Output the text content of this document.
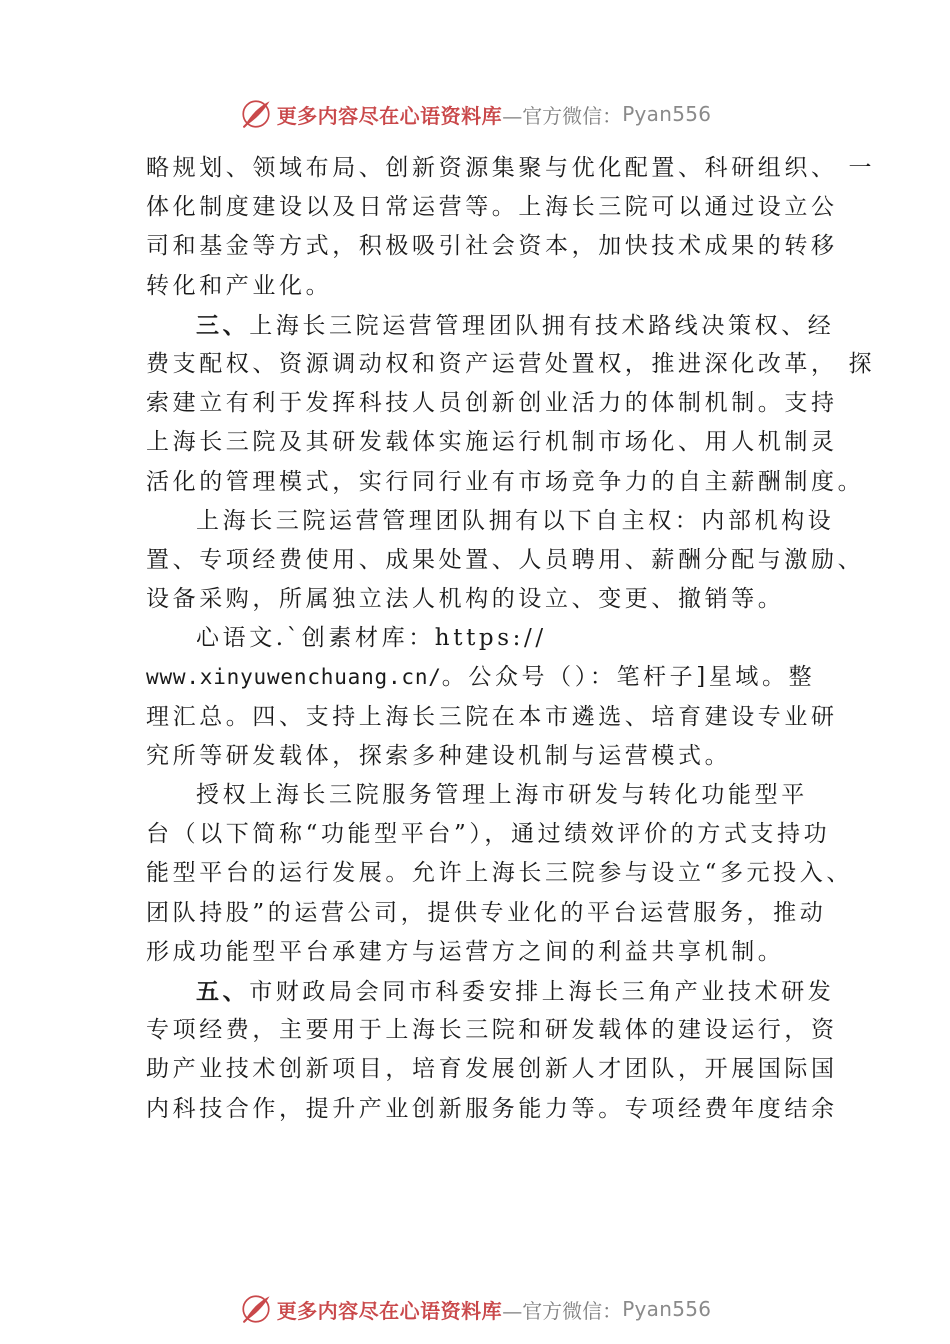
更多内容尽在心语资料库 —官方微信： Pyan556
略规划、领域布局、创新资源集聚与优化配置、科研组织、 一
体化制度建设以及日常运营等。上海长三院可以通过设立公
司和基金等方式，积极吸引社会资本，加快技术成果的转移
转化和产业化。
三、上海长三院运营管理团队拥有技术路线决策权、经
费支配权、资源调动权和资产运营处置权，推进深化改革， 探
索建立有利于发挥科技人员创新创业活力的体制机制。支持
上海长三院及其研发载体实施运行机制市场化、用人机制灵
活化的管理模式，实行同行业有市场竞争力的自主薪酬制度。
上海长三院运营管理团队拥有以下自主权：内部机构设
置、专项经费使用、成果处置、人员聘用、薪酬分配与激励、
设备采购，所属独立法人机构的设立、变更、撤销等。
心语文.`创素材库：https://
www.xinyuwenchuang.cn/。公众号（）：笔杆子]星域。整
理汇总。四、支持上海长三院在本市遴选、培育建设专业研
究所等研发载体，探索多种建设机制与运营模式。
授权上海长三院服务管理上海市研发与转化功能型平
台（以下简称“功能型平台”），通过绩效评价的方式支持功
能型平台的运行发展。允许上海长三院参与设立“多元投入、
团队持股”的运营公司，提供专业化的平台运营服务，推动
形成功能型平台承建方与运营方之间的利益共享机制。
五、市财政局会同市科委安排上海长三角产业技术研发
专项经费，主要用于上海长三院和研发载体的建设运行，资
助产业技术创新项目，培育发展创新人才团队，开展国际国
内科技合作，提升产业创新服务能力等。专项经费年度结余
更多内容尽在心语资料库 —官方微信： Pyan556
